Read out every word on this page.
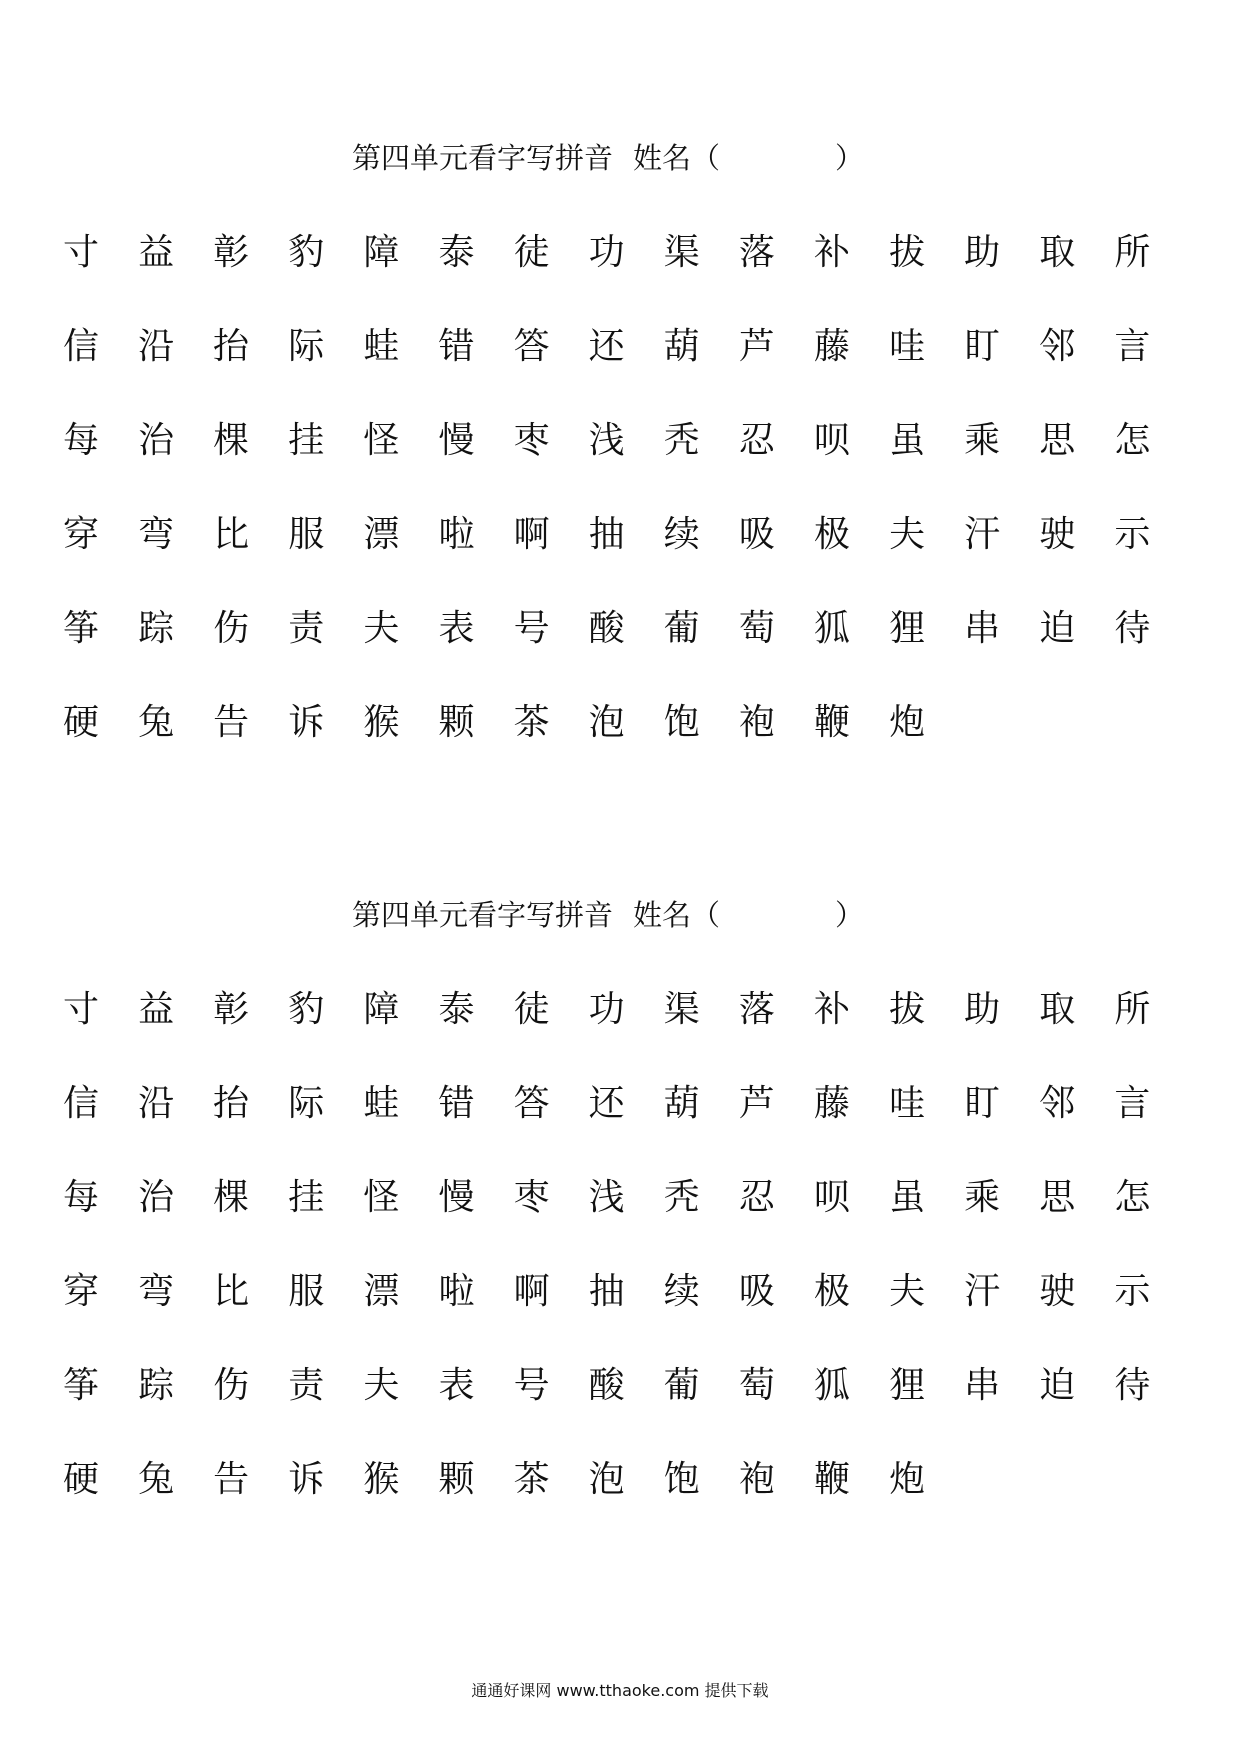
第四单元看字写拼音 姓名（	）
寸 益 彰 豹 障 泰 徒 功 渠 落 补 拔 助 取 所
信 沿 抬 际 蛙 错 答 还 葫 芦 藤 哇 盯 邻 言
每 治 棵 挂 怪 慢 枣 浅 秃 忍 呗 虽 乘 思 怎
穿 弯 比 服 漂 啦 啊 抽 续 吸 极 夫 汗 驶 示
筝 踪 伤 责 夫 表 号 酸 葡 萄 狐 狸 串 迫 待
硬 兔 告 诉 猴 颗 茶 泡 饱 袍 鞭 炮
第四单元看字写拼音 姓名（	）
寸 益 彰 豹 障 泰 徒 功 渠 落 补 拔 助 取 所
信 沿 抬 际 蛙 错 答 还 葫 芦 藤 哇 盯 邻 言
每 治 棵 挂 怪 慢 枣 浅 秃 忍 呗 虽 乘 思 怎
穿 弯 比 服 漂 啦 啊 抽 续 吸 极 夫 汗 驶 示
筝 踪 伤 责 夫 表 号 酸 葡 萄 狐 狸 串 迫 待
硬 兔 告 诉 猴 颗 茶 泡 饱 袍 鞭 炮
通通好课网 www.tthaoke.com 提供下载
